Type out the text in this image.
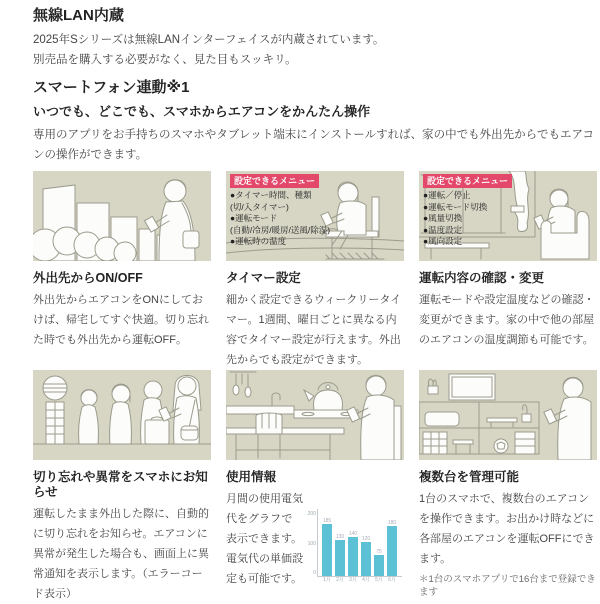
無線LAN内蔵

2025年Sシリーズは無線LANインターフェイスが内蔵されています。

別売品を購入する必要がなく、見た目もスッキリ。

スマートフォン連動※1
いつでも、どこでも、スマホからエアコンをかんたん操作

専用のアプリをお手持ちのスマホやタブレット端末にインストールすれば、家の中でも外出先からでもエアコンの操作ができます。

外出先からON/OFF
外出先からエアコンをONにしておけば、帰宅してすぐ快適。切り忘れた時でも外出先から運転OFF。
設定できるメニュー
●タイマー時間、種類
(切/入タイマー)
●運転モード
(自動/冷房/暖房/送風/除湿)
●運転時の温度
タイマー設定
細かく設定できるウィークリータイマー。1週間、曜日ごとに異なる内容でタイマー設定が行えます。外出先からでも設定ができます。
設定できるメニュー
●運転／停止
●運転モード切換
●風量切換
●温度設定
●風向設定
運転内容の確認・変更
運転モードや設定温度などの確認・変更ができます。家の中で他の部屋のエアコンの温度調節も可能です。
切り忘れや異常をスマホにお知らせ
運転したまま外出した際に、自動的に切り忘れをお知らせ。エアコンに異常が発生した場合も、画面上に異常通知を表示します。（エラーコード表示）
使用情報
200
100
0
185
1月
130
2月
140
3月
120
4月
75
5月
180
6月
月間の使用電気代をグラフで表示できます。電気代の単価設定も可能です。
複数台を管理可能
1台のスマホで、複数台のエアコンを操作できます。お出かけ時などに各部屋のエアコンを運転OFFにできます。
＊1台のスマホアプリで16台まで登録できます
